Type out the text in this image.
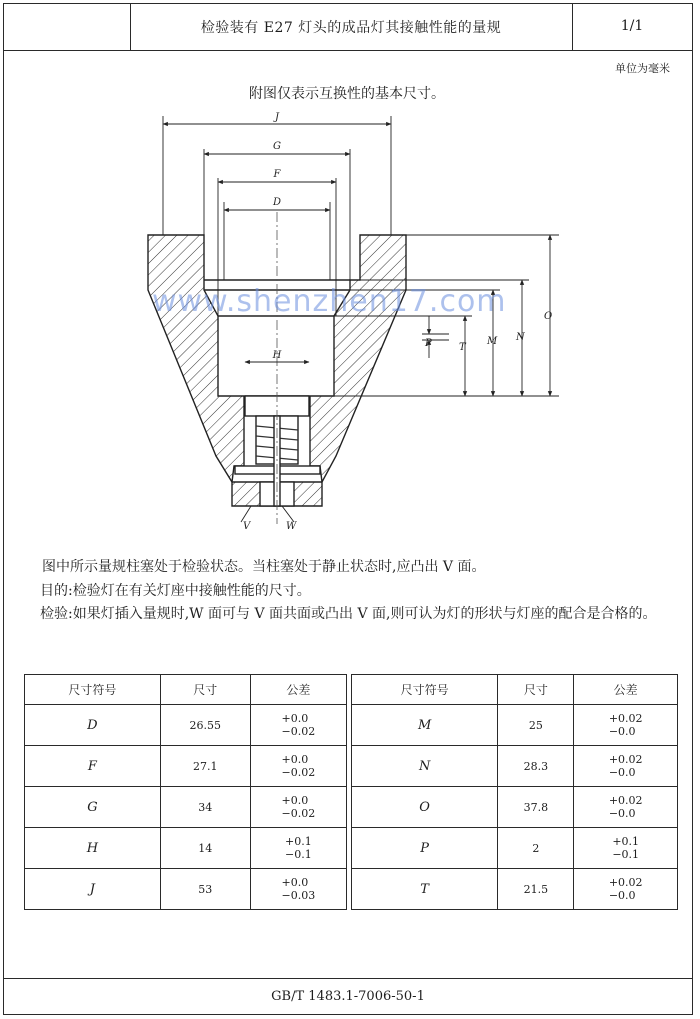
检验装有 E27 灯头的成品灯其接触性能的量规	1/1
单位为毫米
附图仅表示互换性的基本尺寸。
J
G
F
D
H
O
N
M
T
P
V	W
www.shenzhen17.com
图中所示量规柱塞处于检验状态。当柱塞处于静止状态时,应凸出 V 面。
目的:检验灯在有关灯座中接触性能的尺寸。
检验:如果灯插入量规时,W 面可与 V 面共面或凸出 V 面,则可认为灯的形状与灯座的配合是合格的。
尺寸符号	尺寸	公差
D	26.55	+0.0
−0.02
F	27.1	+0.0
−0.02
G	34	+0.0
−0.02
H	14	+0.1
−0.1
J	53	+0.0
−0.03
尺寸符号	尺寸	公差
M	25	+0.02
−0.0
N	28.3	+0.02
−0.0
O	37.8	+0.02
−0.0
P	2	+0.1
−0.1
T	21.5	+0.02
−0.0
GB/T 1483.1-7006-50-1
